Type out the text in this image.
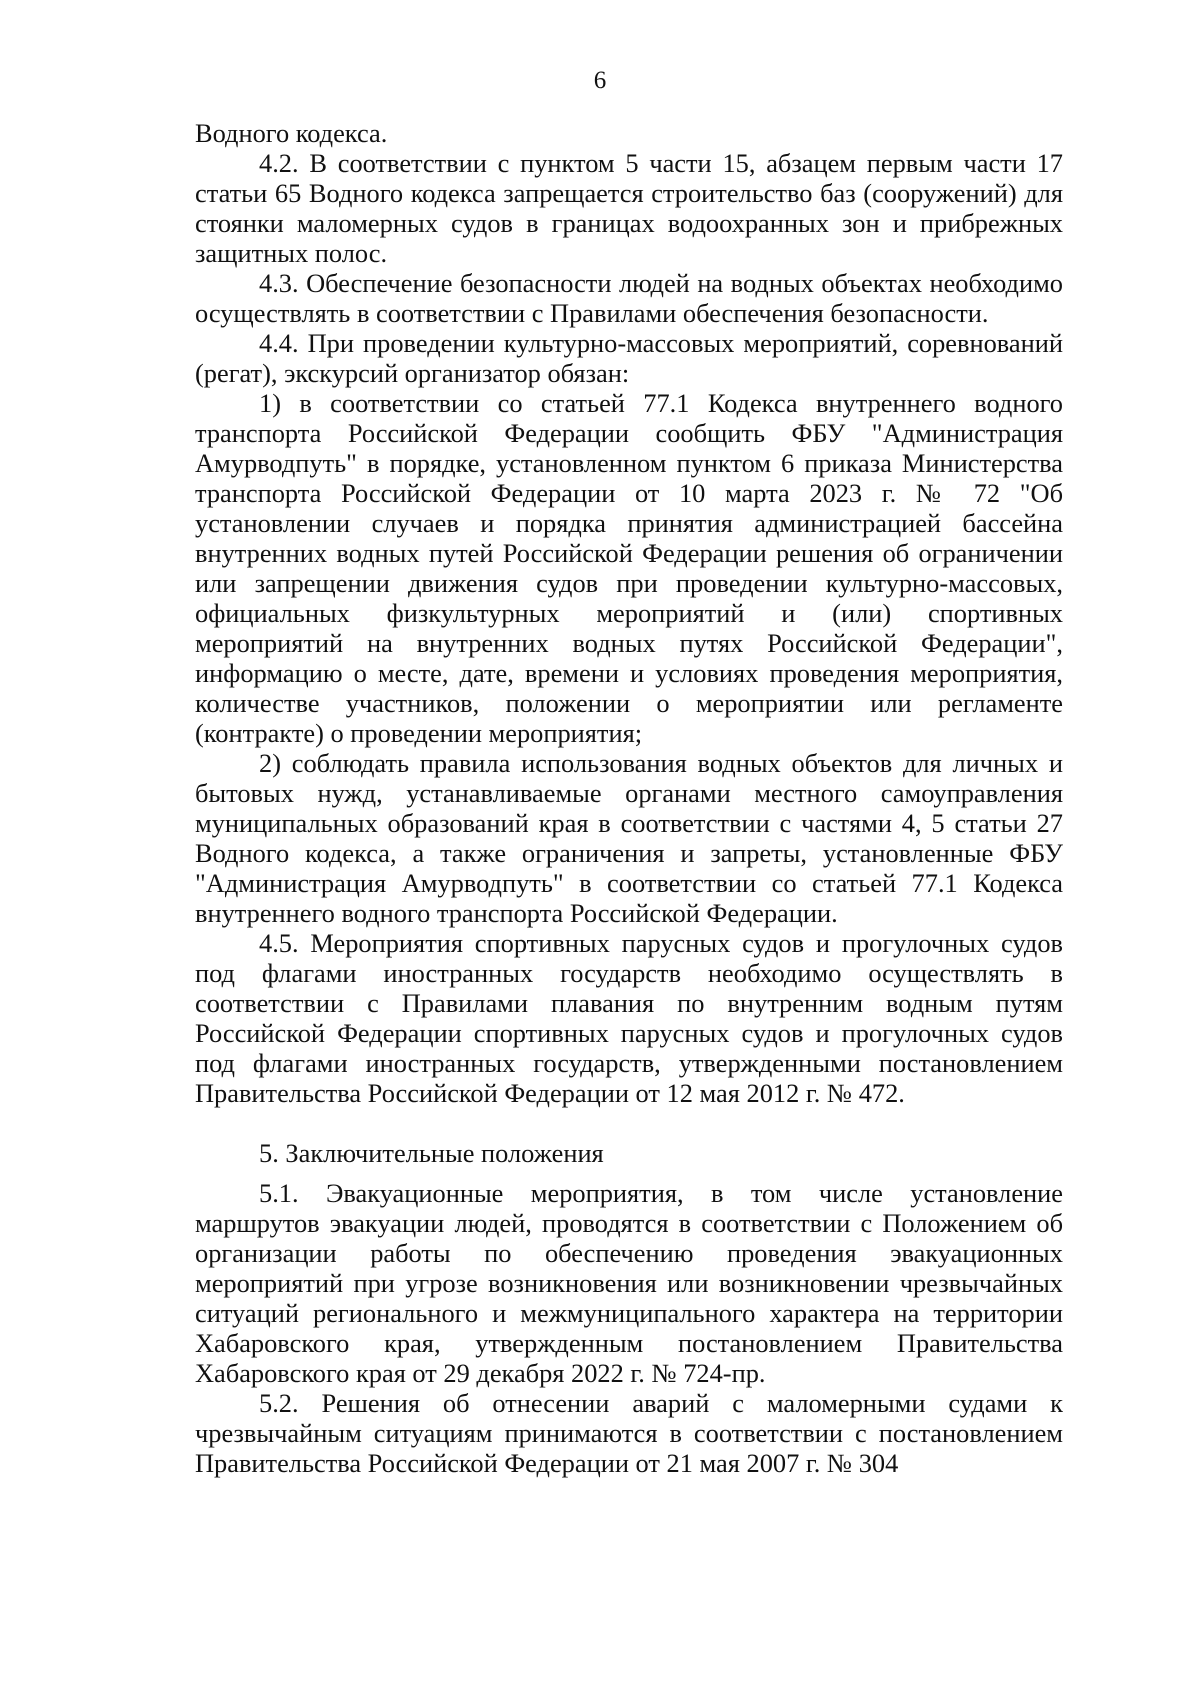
6

Водного кодекса.

4.2. В соответствии с пунктом 5 части 15, абзацем первым части 17 статьи 65 Водного кодекса запрещается строительство баз (сооружений) для стоянки маломерных судов в границах водоохранных зон и прибрежных защитных полос.

4.3. Обеспечение безопасности людей на водных объектах необходимо осуществлять в соответствии с Правилами обеспечения безопасности.

4.4. При проведении культурно-массовых мероприятий, соревнований (регат), экскурсий организатор обязан:

1) в соответствии со статьей 77.1 Кодекса внутреннего водного транспорта Российской Федерации сообщить ФБУ "Администрация Амурводпуть" в порядке, установленном пунктом 6 приказа Министерства транспорта Российской Федерации от 10 марта 2023 г. № 72 "Об установлении случаев и порядка принятия администрацией бассейна внутренних водных путей Российской Федерации решения об ограничении или запрещении движения судов при проведении культурно-массовых, официальных физкультурных мероприятий и (или) спортивных мероприятий на внутренних водных путях Российской Федерации", информацию о месте, дате, времени и условиях проведения мероприятия, количестве участников, положении о мероприятии или регламенте (контракте) о проведении мероприятия;

2) соблюдать правила использования водных объектов для личных и бытовых нужд, устанавливаемые органами местного самоуправления муниципальных образований края в соответствии с частями 4, 5 статьи 27 Водного кодекса, а также ограничения и запреты, установленные ФБУ "Администрация Амурводпуть" в соответствии со статьей 77.1 Кодекса внутреннего водного транспорта Российской Федерации.

4.5. Мероприятия спортивных парусных судов и прогулочных судов под флагами иностранных государств необходимо осуществлять в соответствии с Правилами плавания по внутренним водным путям Российской Федерации спортивных парусных судов и прогулочных судов под флагами иностранных государств, утвержденными постановлением Правительства Российской Федерации от 12 мая 2012 г. № 472.

5. Заключительные положения

5.1. Эвакуационные мероприятия, в том числе установление маршрутов эвакуации людей, проводятся в соответствии с Положением об организации работы по обеспечению проведения эвакуационных мероприятий при угрозе возникновения или возникновении чрезвычайных ситуаций регионального и межмуниципального характера на территории Хабаровского края, утвержденным постановлением Правительства Хабаровского края от 29 декабря 2022 г. № 724-пр.

5.2. Решения об отнесении аварий с маломерными судами к чрезвычайным ситуациям принимаются в соответствии с постановлением Правительства Российской Федерации от 21 мая 2007 г. № 304
